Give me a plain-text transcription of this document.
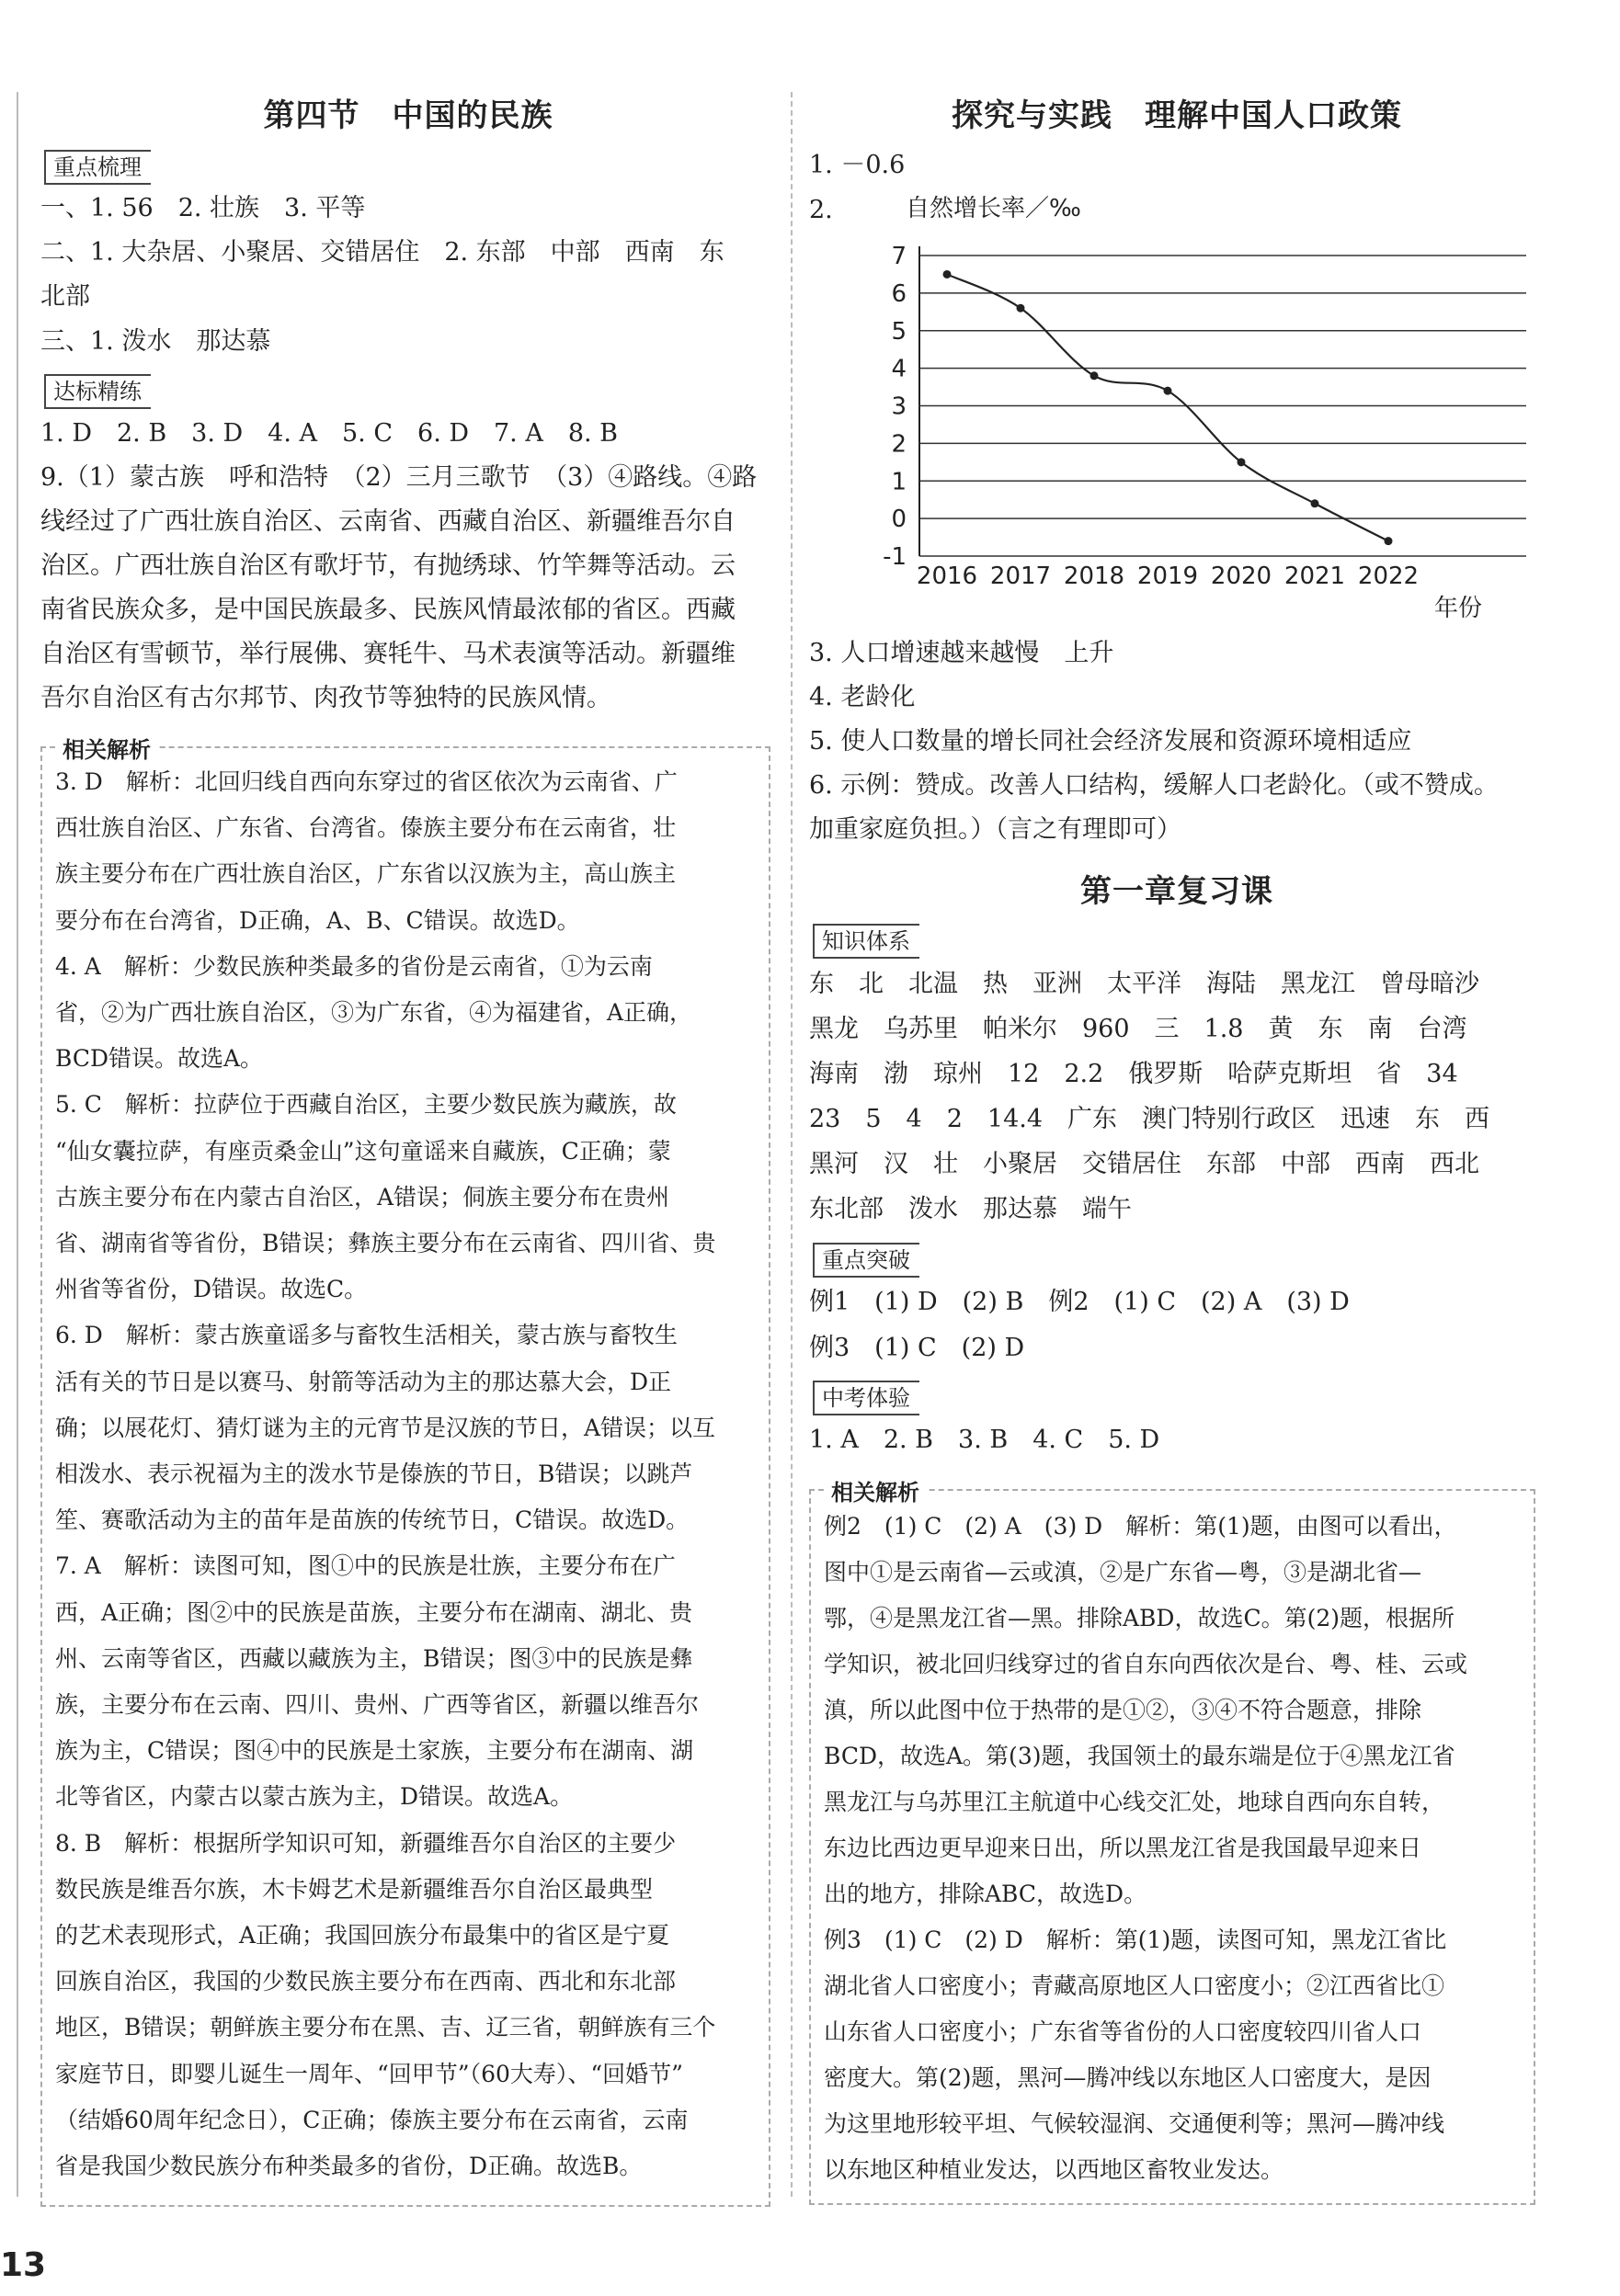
第四节　中国的民族
重点梳理
一、1. 56　2. 壮族　3. 平等
二、1. 大杂居、小聚居、交错居住　2. 东部　中部　西南　东
北部
三、1. 泼水　那达慕
达标精练
1. D　2. B　3. D　4. A　5. C　6. D　7. A　8. B
9.（1）蒙古族　呼和浩特　（2）三月三歌节　（3）④路线。④路
线经过了广西壮族自治区、云南省、西藏自治区、新疆维吾尔自
治区。广西壮族自治区有歌圩节，有抛绣球、竹竿舞等活动。云
南省民族众多，是中国民族最多、民族风情最浓郁的省区。西藏
自治区有雪顿节，举行展佛、赛牦牛、马术表演等活动。新疆维
吾尔自治区有古尔邦节、肉孜节等独特的民族风情。
相关解析
3. D　解析：北回归线自西向东穿过的省区依次为云南省、广
西壮族自治区、广东省、台湾省。傣族主要分布在云南省，壮
族主要分布在广西壮族自治区，广东省以汉族为主，高山族主
要分布在台湾省，D正确，A、B、C错误。故选D。
4. A　解析：少数民族种类最多的省份是云南省，①为云南
省，②为广西壮族自治区，③为广东省，④为福建省，A正确，
BCD错误。故选A。
5. C　解析：拉萨位于西藏自治区，主要少数民族为藏族，故
“仙女囊拉萨，有座贡桑金山”这句童谣来自藏族，C正确；蒙
古族主要分布在内蒙古自治区，A错误；侗族主要分布在贵州
省、湖南省等省份，B错误；彝族主要分布在云南省、四川省、贵
州省等省份，D错误。故选C。
6. D　解析：蒙古族童谣多与畜牧生活相关，蒙古族与畜牧生
活有关的节日是以赛马、射箭等活动为主的那达慕大会，D正
确；以展花灯、猜灯谜为主的元宵节是汉族的节日，A错误；以互
相泼水、表示祝福为主的泼水节是傣族的节日，B错误；以跳芦
笙、赛歌活动为主的苗年是苗族的传统节日，C错误。故选D。
7. A　解析：读图可知，图①中的民族是壮族，主要分布在广
西，A正确；图②中的民族是苗族，主要分布在湖南、湖北、贵
州、云南等省区，西藏以藏族为主，B错误；图③中的民族是彝
族，主要分布在云南、四川、贵州、广西等省区，新疆以维吾尔
族为主，C错误；图④中的民族是土家族，主要分布在湖南、湖
北等省区，内蒙古以蒙古族为主，D错误。故选A。
8. B　解析：根据所学知识可知，新疆维吾尔自治区的主要少
数民族是维吾尔族，木卡姆艺术是新疆维吾尔自治区最典型
的艺术表现形式，A正确；我国回族分布最集中的省区是宁夏
回族自治区，我国的少数民族主要分布在西南、西北和东北部
地区，B错误；朝鲜族主要分布在黑、吉、辽三省，朝鲜族有三个
家庭节日，即婴儿诞生一周年、“回甲节”（60大寿）、“回婚节”
（结婚60周年纪念日），C正确；傣族主要分布在云南省，云南
省是我国少数民族分布种类最多的省份，D正确。故选B。
探究与实践　理解中国人口政策
1. －0.6
2.	自然增长率／‰
-1
0
1
2
3
4
5
6
7
2016 2017 2018 2019 2020 2021 2022
年份
3. 人口增速越来越慢　上升
4. 老龄化
5. 使人口数量的增长同社会经济发展和资源环境相适应
6. 示例：赞成。改善人口结构，缓解人口老龄化。（或不赞成。
加重家庭负担。）（言之有理即可）
第一章复习课
知识体系
东　北　北温　热　亚洲　太平洋　海陆　黑龙江　曾母暗沙
黑龙　乌苏里　帕米尔　960　三　1.8　黄　东　南　台湾
海南　渤　琼州　12　2.2　俄罗斯　哈萨克斯坦　省　34
23　5　4　2　14.4　广东　澳门特别行政区　迅速　东　西
黑河　汉　壮　小聚居　交错居住　东部　中部　西南　西北
东北部　泼水　那达慕　端午
重点突破
例1　(1) D　(2) B　例2　(1) C　(2) A　(3) D
例3　(1) C　(2) D
中考体验
1. A　2. B　3. B　4. C　5. D
相关解析
例2　(1) C　(2) A　(3) D　解析：第(1)题，由图可以看出，
图中①是云南省—云或滇，②是广东省—粤，③是湖北省—
鄂，④是黑龙江省—黑。排除ABD，故选C。第(2)题，根据所
学知识，被北回归线穿过的省自东向西依次是台、粤、桂、云或
滇，所以此图中位于热带的是①②，③④不符合题意，排除
BCD，故选A。第(3)题，我国领土的最东端是位于④黑龙江省
黑龙江与乌苏里江主航道中心线交汇处，地球自西向东自转，
东边比西边更早迎来日出，所以黑龙江省是我国最早迎来日
出的地方，排除ABC，故选D。
例3　(1) C　(2) D　解析：第(1)题，读图可知，黑龙江省比
湖北省人口密度小；青藏高原地区人口密度小；②江西省比①
山东省人口密度小；广东省等省份的人口密度较四川省人口
密度大。第(2)题，黑河—腾冲线以东地区人口密度大，是因
为这里地形较平坦、气候较湿润、交通便利等；黑河—腾冲线
以东地区种植业发达，以西地区畜牧业发达。
13
